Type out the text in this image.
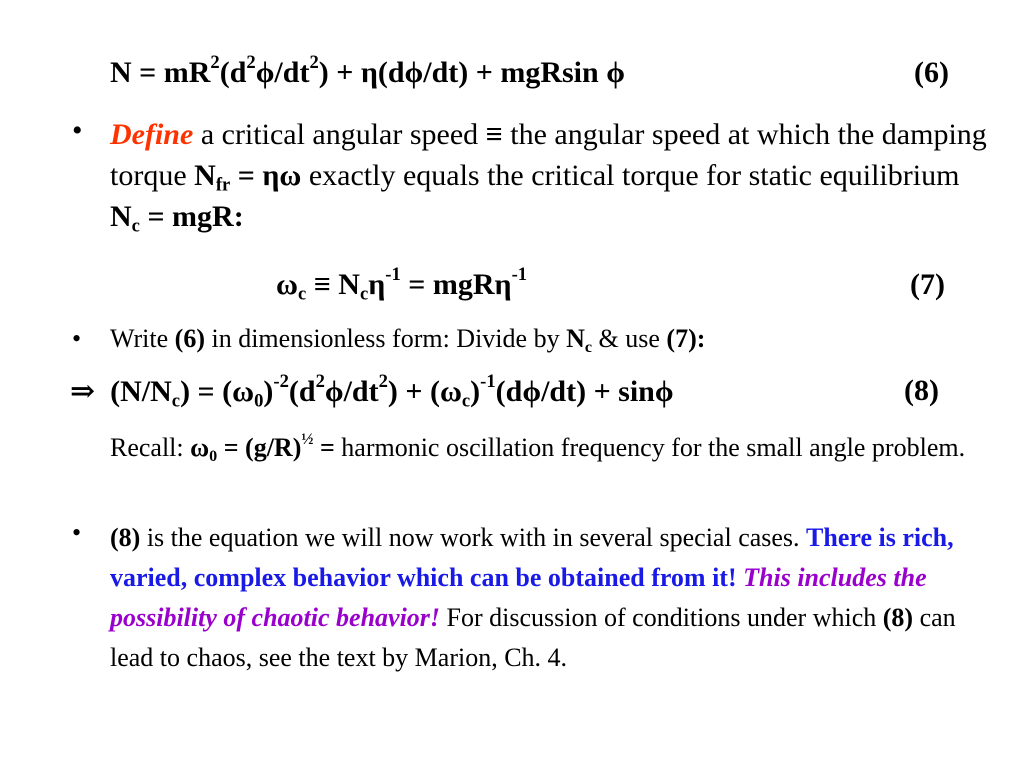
$N = mR^2(d^2\phi/dt^2) + \eta(d\phi/dt) + mgRsin$ ϕ	(6)
• Define a critical angular speed ≡ the angular speed at which the damping torque $N_{fr} = \eta\omega$ exactly equals the critical torque for static equilibrium $N_c$ = mgR:
$\omega_c \equiv N_c\eta^{-1} = mgR\eta^{-1}$	(7)
• Write (6) in dimensionless form: Divide by $N_c$ & use (7):
⇒  $(N/N_c) = (\omega_0)^{-2}(d^2\phi/dt^2) + (\omega_c)^{-1}(d\phi/dt) + \sin\phi$	(8)
Recall: $\omega_0 = (g/R)^{\frac{1}{2}}$ = harmonic oscillation frequency for the small angle problem.
• (8) is the equation we will now work with in several special cases. There is rich, varied, complex behavior which can be obtained from it! This includes the possibility of chaotic behavior! For discussion of conditions under which (8) can lead to chaos, see the text by Marion, Ch. 4.
